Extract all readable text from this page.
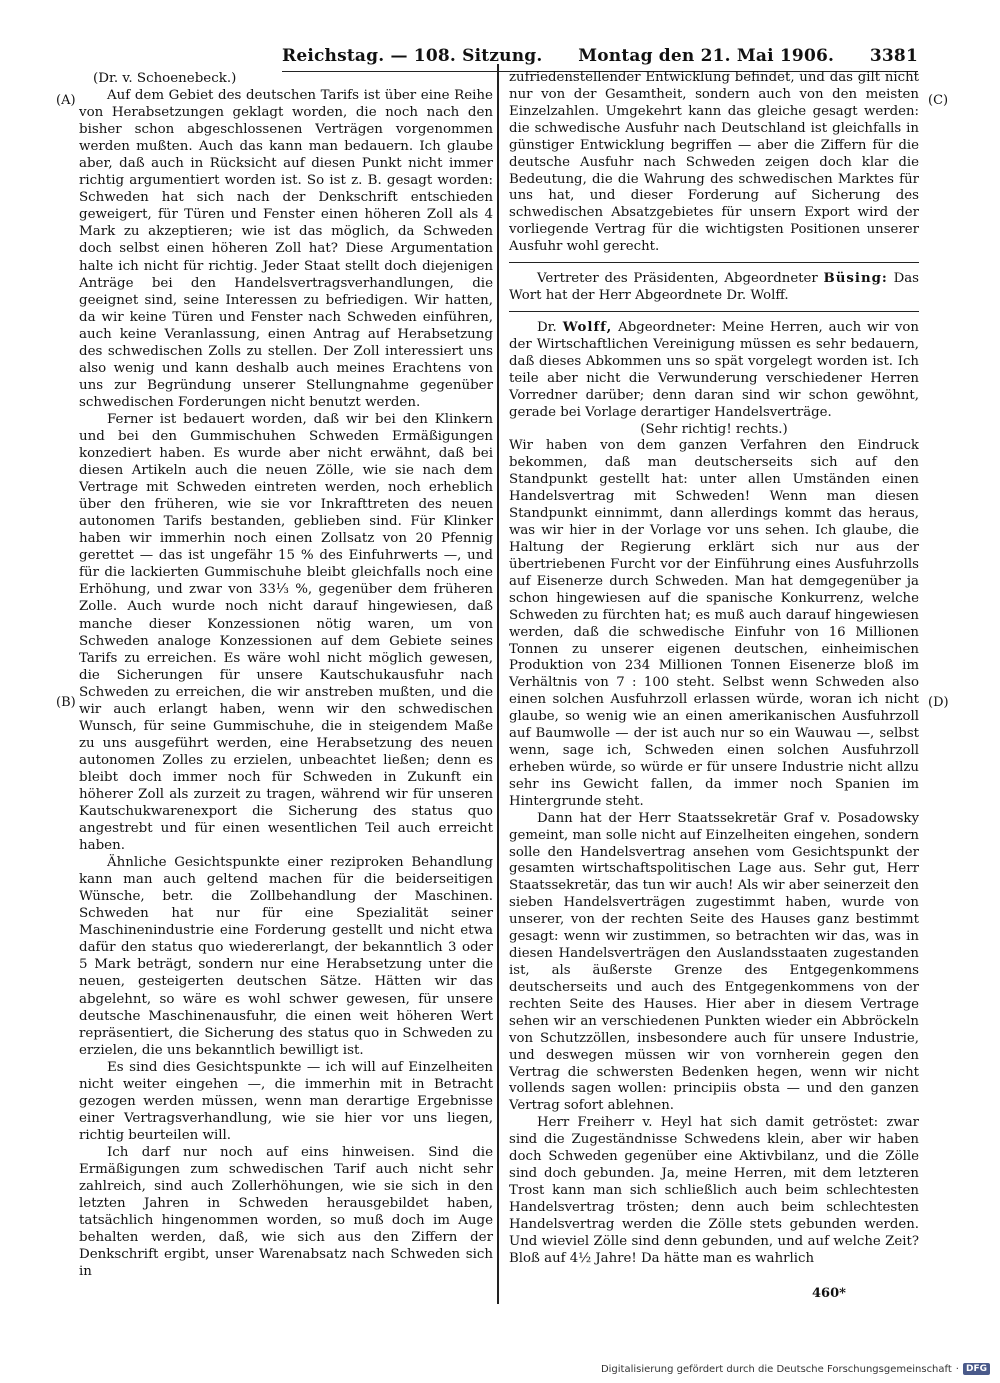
Reichstag. — 108. Sitzung. Montag den 21. Mai 1906. 3381
(A)
(B)
(C)
(D)

(Dr. v. Schoenebeck.)

Auf dem Gebiet des deutschen Tarifs ist über eine Reihe von Herabsetzungen geklagt worden, die noch nach den bisher schon abgeschlossenen Verträgen vorgenommen werden mußten. Auch das kann man bedauern. Ich glaube aber, daß auch in Rücksicht auf diesen Punkt nicht immer richtig argumentiert worden ist. So ist z. B. gesagt worden: Schweden hat sich nach der Denkschrift entschieden geweigert, für Türen und Fenster einen höheren Zoll als 4 Mark zu akzeptieren; wie ist das möglich, da Schweden doch selbst einen höheren Zoll hat? Diese Argumentation halte ich nicht für richtig. Jeder Staat stellt doch diejenigen Anträge bei den Handelsvertragsverhandlungen, die geeignet sind, seine Interessen zu befriedigen. Wir hatten, da wir keine Türen und Fenster nach Schweden einführen, auch keine Veranlassung, einen Antrag auf Herabsetzung des schwedischen Zolls zu stellen. Der Zoll interessiert uns also wenig und kann deshalb auch meines Erachtens von uns zur Begründung unserer Stellungnahme gegenüber schwedischen Forderungen nicht benutzt werden.

Ferner ist bedauert worden, daß wir bei den Klinkern und bei den Gummischuhen Schweden Ermäßigungen konzediert haben. Es wurde aber nicht erwähnt, daß bei diesen Artikeln auch die neuen Zölle, wie sie nach dem Vertrage mit Schweden eintreten werden, noch erheblich über den früheren, wie sie vor Inkrafttreten des neuen autonomen Tarifs bestanden, geblieben sind. Für Klinker haben wir immerhin noch einen Zollsatz von 20 Pfennig gerettet — das ist ungefähr 15 % des Einfuhrwerts —, und für die lackierten Gummischuhe bleibt gleichfalls noch eine Erhöhung, und zwar von 33⅓ %, gegenüber dem früheren Zolle. Auch wurde noch nicht darauf hingewiesen, daß manche dieser Konzessionen nötig waren, um von Schweden analoge Konzessionen auf dem Gebiete seines Tarifs zu erreichen. Es wäre wohl nicht möglich gewesen, die Sicherungen für unsere Kautschukausfuhr nach Schweden zu erreichen, die wir anstreben mußten, und die wir auch erlangt haben, wenn wir den schwedischen Wunsch, für seine Gummischuhe, die in steigendem Maße zu uns ausgeführt werden, eine Herabsetzung des neuen autonomen Zolles zu erzielen, unbeachtet ließen; denn es bleibt doch immer noch für Schweden in Zukunft ein höherer Zoll als zurzeit zu tragen, während wir für unseren Kautschukwarenexport die Sicherung des status quo angestrebt und für einen wesentlichen Teil auch erreicht haben.

Ähnliche Gesichtspunkte einer reziproken Behandlung kann man auch geltend machen für die beiderseitigen Wünsche, betr. die Zollbehandlung der Maschinen. Schweden hat nur für eine Spezialität seiner Maschinenindustrie eine Forderung gestellt und nicht etwa dafür den status quo wiedererlangt, der bekanntlich 3 oder 5 Mark beträgt, sondern nur eine Herabsetzung unter die neuen, gesteigerten deutschen Sätze. Hätten wir das abgelehnt, so wäre es wohl schwer gewesen, für unsere deutsche Maschinenausfuhr, die einen weit höheren Wert repräsentiert, die Sicherung des status quo in Schweden zu erzielen, die uns bekanntlich bewilligt ist.

Es sind dies Gesichtspunkte — ich will auf Einzelheiten nicht weiter eingehen —, die immerhin mit in Betracht gezogen werden müssen, wenn man derartige Ergebnisse einer Vertragsverhandlung, wie sie hier vor uns liegen, richtig beurteilen will.

Ich darf nur noch auf eins hinweisen. Sind die Ermäßigungen zum schwedischen Tarif auch nicht sehr zahlreich, sind auch Zollerhöhungen, wie sie sich in den letzten Jahren in Schweden herausgebildet haben, tatsächlich hingenommen worden, so muß doch im Auge behalten werden, daß, wie sich aus den Ziffern der Denkschrift ergibt, unser Warenabsatz nach Schweden sich in

zufriedenstellender Entwicklung befindet, und das gilt nicht nur von der Gesamtheit, sondern auch von den meisten Einzelzahlen. Umgekehrt kann das gleiche gesagt werden: die schwedische Ausfuhr nach Deutschland ist gleichfalls in günstiger Entwicklung begriffen — aber die Ziffern für die deutsche Ausfuhr nach Schweden zeigen doch klar die Bedeutung, die die Wahrung des schwedischen Marktes für uns hat, und dieser Forderung auf Sicherung des schwedischen Absatzgebietes für unsern Export wird der vorliegende Vertrag für die wichtigsten Positionen unserer Ausfuhr wohl gerecht.

Vertreter des Präsidenten, Abgeordneter Büsing: Das Wort hat der Herr Abgeordnete Dr. Wolff.

Dr. Wolff, Abgeordneter: Meine Herren, auch wir von der Wirtschaftlichen Vereinigung müssen es sehr bedauern, daß dieses Abkommen uns so spät vorgelegt worden ist. Ich teile aber nicht die Verwunderung verschiedener Herren Vorredner darüber; denn daran sind wir schon gewöhnt, gerade bei Vorlage derartiger Handelsverträge.

(Sehr richtig! rechts.)

Wir haben von dem ganzen Verfahren den Eindruck bekommen, daß man deutscherseits sich auf den Standpunkt gestellt hat: unter allen Umständen einen Handelsvertrag mit Schweden! Wenn man diesen Standpunkt einnimmt, dann allerdings kommt das heraus, was wir hier in der Vorlage vor uns sehen. Ich glaube, die Haltung der Regierung erklärt sich nur aus der übertriebenen Furcht vor der Einführung eines Ausfuhrzolls auf Eisenerze durch Schweden. Man hat demgegenüber ja schon hingewiesen auf die spanische Konkurrenz, welche Schweden zu fürchten hat; es muß auch darauf hingewiesen werden, daß die schwedische Einfuhr von 16 Millionen Tonnen zu unserer eigenen deutschen, einheimischen Produktion von 234 Millionen Tonnen Eisenerze bloß im Verhältnis von 7 : 100 steht. Selbst wenn Schweden also einen solchen Ausfuhrzoll erlassen würde, woran ich nicht glaube, so wenig wie an einen amerikanischen Ausfuhrzoll auf Baumwolle — der ist auch nur so ein Wauwau —, selbst wenn, sage ich, Schweden einen solchen Ausfuhrzoll erheben würde, so würde er für unsere Industrie nicht allzu sehr ins Gewicht fallen, da immer noch Spanien im Hintergrunde steht.

Dann hat der Herr Staatssekretär Graf v. Posadowsky gemeint, man solle nicht auf Einzelheiten eingehen, sondern solle den Handelsvertrag ansehen vom Gesichtspunkt der gesamten wirtschaftspolitischen Lage aus. Sehr gut, Herr Staatssekretär, das tun wir auch! Als wir aber seinerzeit den sieben Handelsverträgen zugestimmt haben, wurde von unserer, von der rechten Seite des Hauses ganz bestimmt gesagt: wenn wir zustimmen, so betrachten wir das, was in diesen Handelsverträgen den Auslandsstaaten zugestanden ist, als äußerste Grenze des Entgegenkommens deutscherseits und auch des Entgegenkommens von der rechten Seite des Hauses. Hier aber in diesem Vertrage sehen wir an verschiedenen Punkten wieder ein Abbröckeln von Schutzzöllen, insbesondere auch für unsere Industrie, und deswegen müssen wir von vornherein gegen den Vertrag die schwersten Bedenken hegen, wenn wir nicht vollends sagen wollen: principiis obsta — und den ganzen Vertrag sofort ablehnen.

Herr Freiherr v. Heyl hat sich damit getröstet: zwar sind die Zugeständnisse Schwedens klein, aber wir haben doch Schweden gegenüber eine Aktivbilanz, und die Zölle sind doch gebunden. Ja, meine Herren, mit dem letzteren Trost kann man sich schließlich auch beim schlechtesten Handelsvertrag trösten; denn auch beim schlechtesten Handelsvertrag werden die Zölle stets gebunden werden. Und wieviel Zölle sind denn gebunden, und auf welche Zeit? Bloß auf 4½ Jahre! Da hätte man es wahrlich

460*
Digitalisierung gefördert durch die Deutsche Forschungsgemeinschaft · DFG
